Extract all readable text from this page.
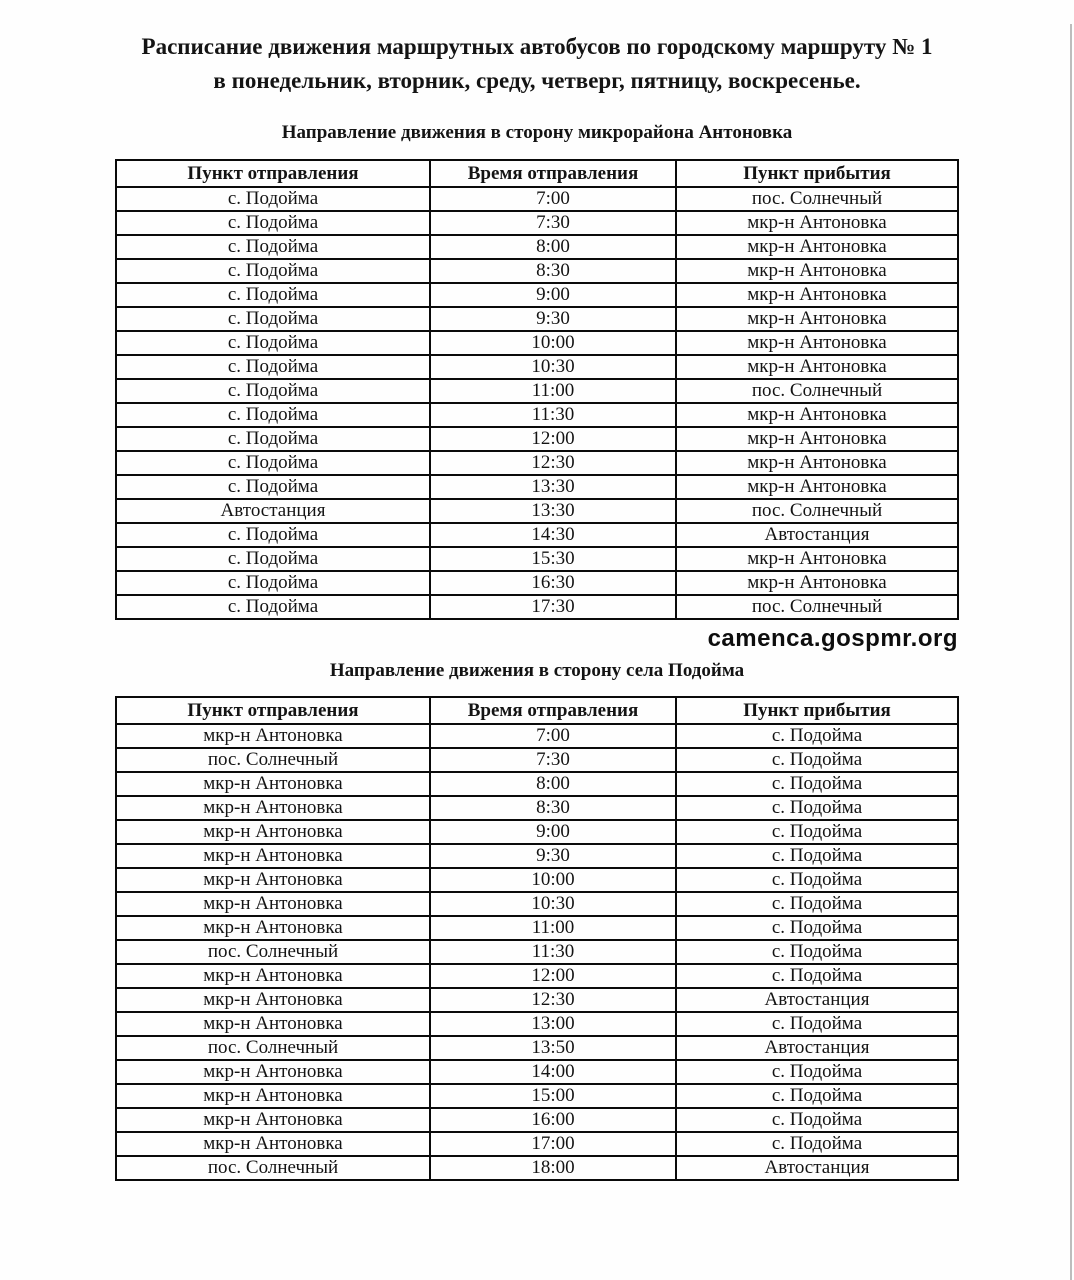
Расписание движения маршрутных автобусов по городскому маршруту № 1
в понедельник, вторник, среду, четверг, пятницу, воскресенье.
Направление движения в сторону микрорайона Антоновка
Пункт отправления	Время отправления	Пункт прибытия
с. Подойма	7:00	пос. Солнечный
с. Подойма	7:30	мкр-н Антоновка
с. Подойма	8:00	мкр-н Антоновка
с. Подойма	8:30	мкр-н Антоновка
с. Подойма	9:00	мкр-н Антоновка
с. Подойма	9:30	мкр-н Антоновка
с. Подойма	10:00	мкр-н Антоновка
с. Подойма	10:30	мкр-н Антоновка
с. Подойма	11:00	пос. Солнечный
с. Подойма	11:30	мкр-н Антоновка
с. Подойма	12:00	мкр-н Антоновка
с. Подойма	12:30	мкр-н Антоновка
с. Подойма	13:30	мкр-н Антоновка
Автостанция	13:30	пос. Солнечный
с. Подойма	14:30	Автостанция
с. Подойма	15:30	мкр-н Антоновка
с. Подойма	16:30	мкр-н Антоновка
с. Подойма	17:30	пос. Солнечный
camenca.gospmr.org
Направление движения в сторону села Подойма
Пункт отправления	Время отправления	Пункт прибытия
мкр-н Антоновка	7:00	с. Подойма
пос. Солнечный	7:30	с. Подойма
мкр-н Антоновка	8:00	с. Подойма
мкр-н Антоновка	8:30	с. Подойма
мкр-н Антоновка	9:00	с. Подойма
мкр-н Антоновка	9:30	с. Подойма
мкр-н Антоновка	10:00	с. Подойма
мкр-н Антоновка	10:30	с. Подойма
мкр-н Антоновка	11:00	с. Подойма
пос. Солнечный	11:30	с. Подойма
мкр-н Антоновка	12:00	с. Подойма
мкр-н Антоновка	12:30	Автостанция
мкр-н Антоновка	13:00	с. Подойма
пос. Солнечный	13:50	Автостанция
мкр-н Антоновка	14:00	с. Подойма
мкр-н Антоновка	15:00	с. Подойма
мкр-н Антоновка	16:00	с. Подойма
мкр-н Антоновка	17:00	с. Подойма
пос. Солнечный	18:00	Автостанция
